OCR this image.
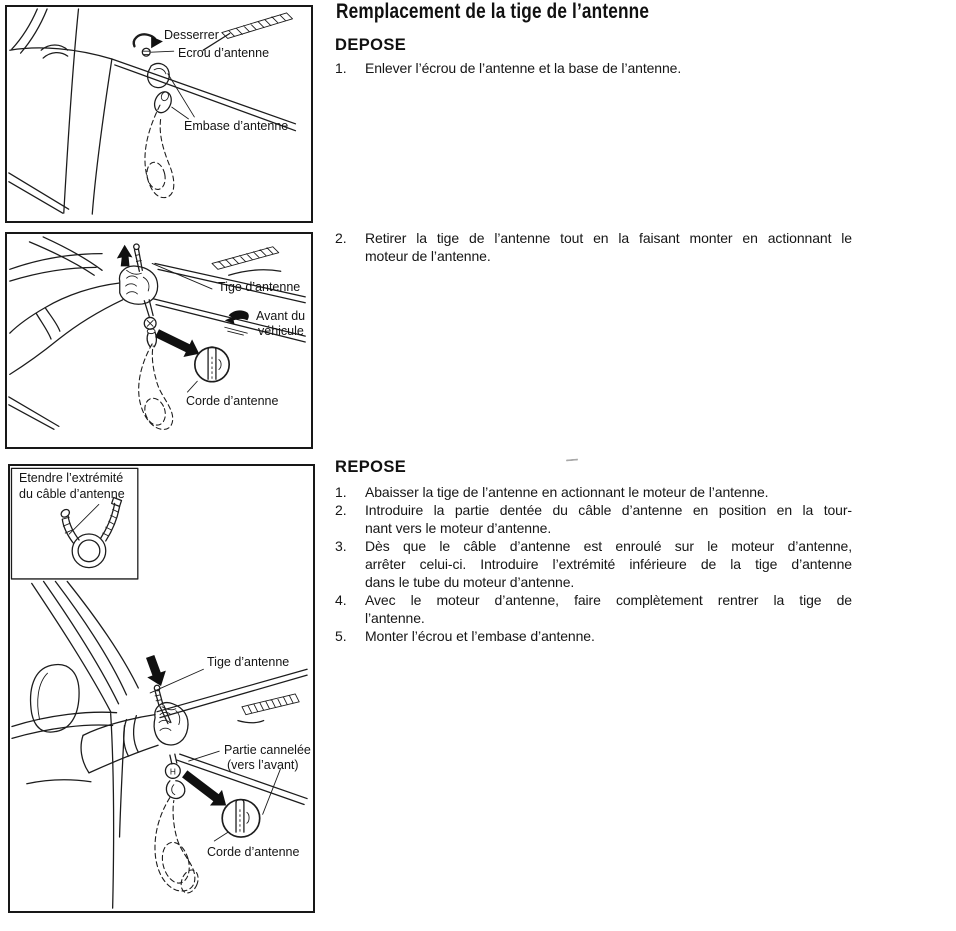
Desserrer
Ecrou d’antenne
Embase d’antenne
Tige d’antenne
Avant du
véhicule
Corde d’antenne
H
Etendre l’extrémité
du câble d’antenne
Tige d’antenne
Partie cannelée
(vers l’avant)
Corde d’antenne
Remplacement de la tige de l’antenne
DEPOSE
1. Enlever l’écrou de l’antenne et la base de l’antenne.
2. Retirer la tige de l’antenne tout en la faisant monter en actionnant le
moteur de l’antenne.
REPOSE
1. Abaisser la tige de l’antenne en actionnant le moteur de l’antenne.
2. Introduire la partie dentée du câble d’antenne en position en la tour-
nant vers le moteur d’antenne.
3. Dès que le câble d’antenne est enroulé sur le moteur d’antenne,
arrêter celui-ci. Introduire l’extrémité inférieure de la tige d’antenne
dans le tube du moteur d’antenne.
4. Avec le moteur d’antenne, faire complètement rentrer la tige de
l’antenne.
5. Monter l’écrou et l’embase d’antenne.
